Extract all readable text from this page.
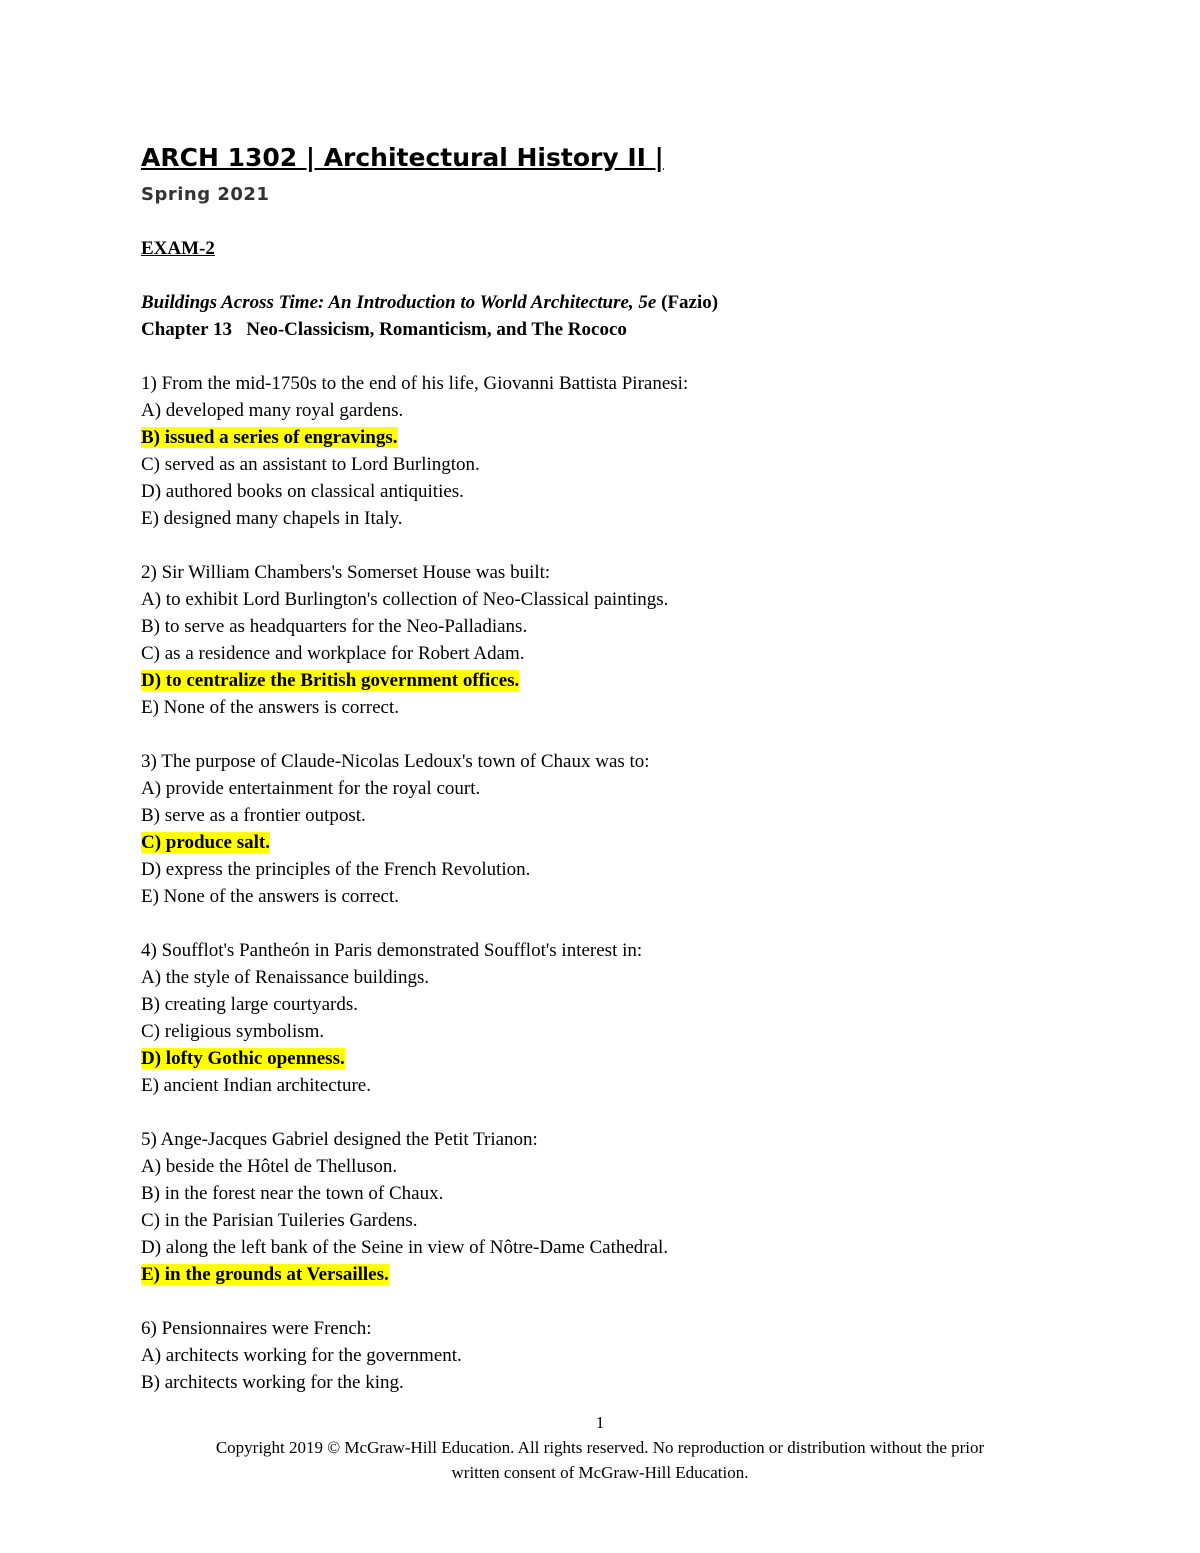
ARCH 1302 | Architectural History II |
Spring 2021
EXAM-2
Buildings Across Time: An Introduction to World Architecture, 5e (Fazio)
Chapter 13   Neo-Classicism, Romanticism, and The Rococo
1) From the mid-1750s to the end of his life, Giovanni Battista Piranesi:
A) developed many royal gardens.
B) issued a series of engravings.
C) served as an assistant to Lord Burlington.
D) authored books on classical antiquities.
E) designed many chapels in Italy.
2) Sir William Chambers's Somerset House was built:
A) to exhibit Lord Burlington's collection of Neo-Classical paintings.
B) to serve as headquarters for the Neo-Palladians.
C) as a residence and workplace for Robert Adam.
D) to centralize the British government offices.
E) None of the answers is correct.
3) The purpose of Claude-Nicolas Ledoux's town of Chaux was to:
A) provide entertainment for the royal court.
B) serve as a frontier outpost.
C) produce salt.
D) express the principles of the French Revolution.
E) None of the answers is correct.
4) Soufflot's Pantheón in Paris demonstrated Soufflot's interest in:
A) the style of Renaissance buildings.
B) creating large courtyards.
C) religious symbolism.
D) lofty Gothic openness.
E) ancient Indian architecture.
5) Ange-Jacques Gabriel designed the Petit Trianon:
A) beside the Hôtel de Thelluson.
B) in the forest near the town of Chaux.
C) in the Parisian Tuileries Gardens.
D) along the left bank of the Seine in view of Nôtre-Dame Cathedral.
E) in the grounds at Versailles.
6) Pensionnaires were French:
A) architects working for the government.
B) architects working for the king.
1
Copyright 2019 © McGraw-Hill Education. All rights reserved. No reproduction or distribution without the prior
written consent of McGraw-Hill Education.
